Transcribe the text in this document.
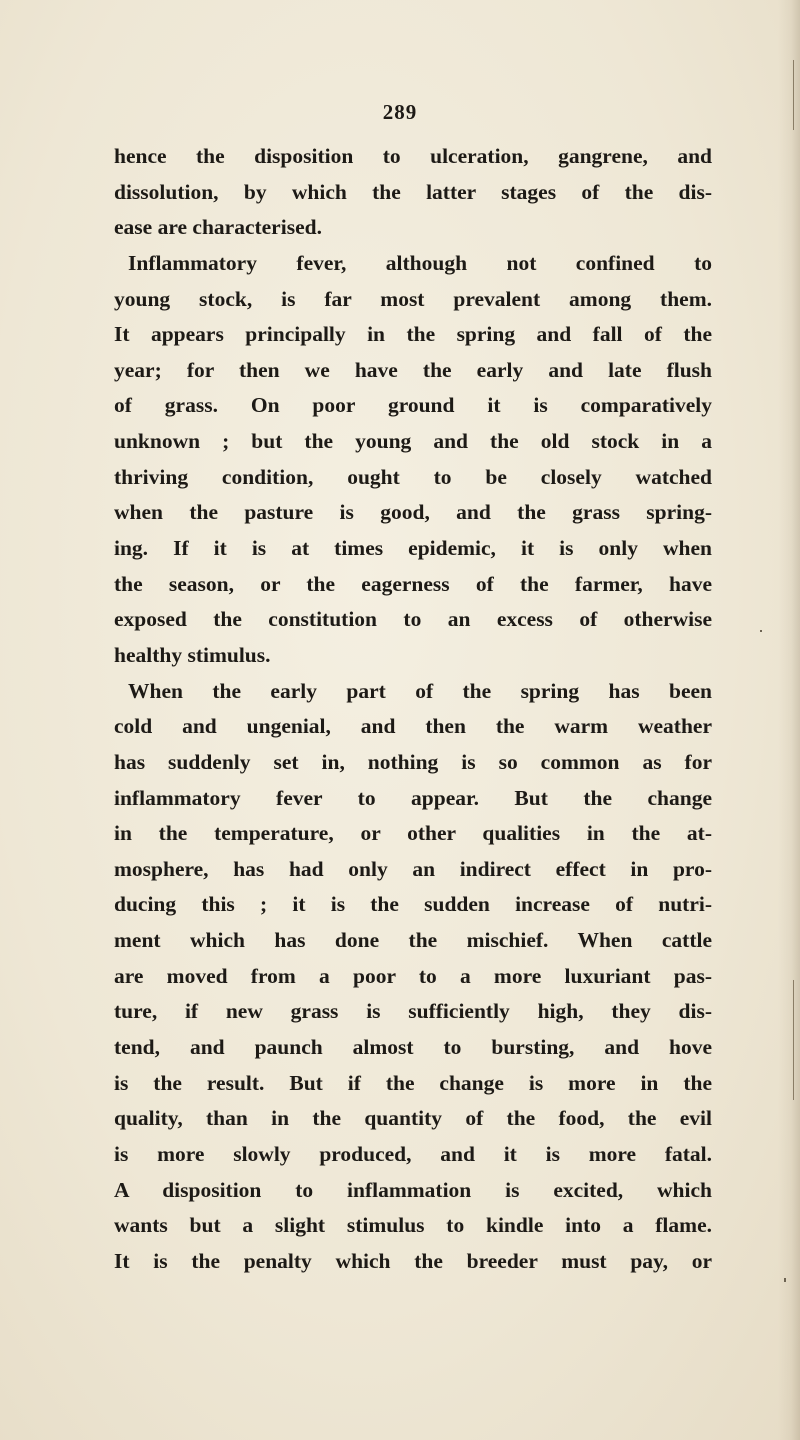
289
hence the disposition to ulceration, gangrene, and
dissolution, by which the latter stages of the dis-
ease are characterised.
Inflammatory fever, although not confined to
young stock, is far most prevalent among them.
It appears principally in the spring and fall of the
year; for then we have the early and late flush
of grass. On poor ground it is comparatively
unknown ; but the young and the old stock in a
thriving condition, ought to be closely watched
when the pasture is good, and the grass spring-
ing. If it is at times epidemic, it is only when
the season, or the eagerness of the farmer, have
exposed the constitution to an excess of otherwise
healthy stimulus.
When the early part of the spring has been
cold and ungenial, and then the warm weather
has suddenly set in, nothing is so common as for
inflammatory fever to appear. But the change
in the temperature, or other qualities in the at-
mosphere, has had only an indirect effect in pro-
ducing this ; it is the sudden increase of nutri-
ment which has done the mischief. When cattle
are moved from a poor to a more luxuriant pas-
ture, if new grass is sufficiently high, they dis-
tend, and paunch almost to bursting, and hove
is the result. But if the change is more in the
quality, than in the quantity of the food, the evil
is more slowly produced, and it is more fatal.
A disposition to inflammation is excited, which
wants but a slight stimulus to kindle into a flame.
It is the penalty which the breeder must pay, or
